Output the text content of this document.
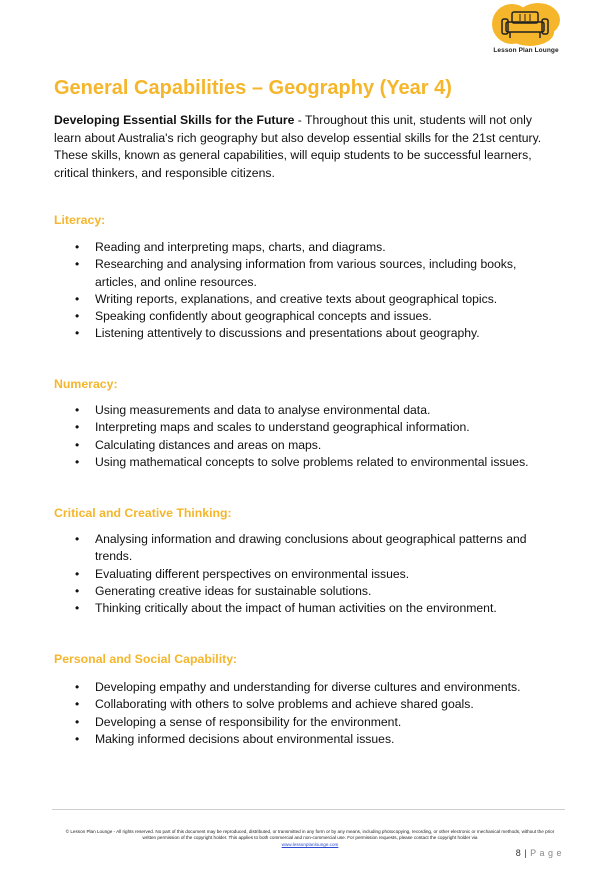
Lesson Plan Lounge
General Capabilities – Geography (Year 4)

Developing Essential Skills for the Future - Throughout this unit, students will not only learn about Australia's rich geography but also develop essential skills for the 21st century. These skills, known as general capabilities, will equip students to be successful learners, critical thinkers, and responsible citizens.

Literacy:
• Reading and interpreting maps, charts, and diagrams.
• Researching and analysing information from various sources, including books, articles, and online resources.
• Writing reports, explanations, and creative texts about geographical topics.
• Speaking confidently about geographical concepts and issues.
• Listening attentively to discussions and presentations about geography.
Numeracy:
• Using measurements and data to analyse environmental data.
• Interpreting maps and scales to understand geographical information.
• Calculating distances and areas on maps.
• Using mathematical concepts to solve problems related to environmental issues.
Critical and Creative Thinking:
• Analysing information and drawing conclusions about geographical patterns and trends.
• Evaluating different perspectives on environmental issues.
• Generating creative ideas for sustainable solutions.
• Thinking critically about the impact of human activities on the environment.
Personal and Social Capability:
• Developing empathy and understanding for diverse cultures and environments.
• Collaborating with others to solve problems and achieve shared goals.
• Developing a sense of responsibility for the environment.
• Making informed decisions about environmental issues.
© Lesson Plan Lounge - All rights reserved. No part of this document may be reproduced, distributed, or transmitted in any form or by any means, including photocopying, recording, or other electronic or mechanical methods, without the prior written permission of the copyright holder. This applies to both commercial and non-commercial use. For permission requests, please contact the copyright holder via
www.lessonplanlounge.com
8 | P a g e
